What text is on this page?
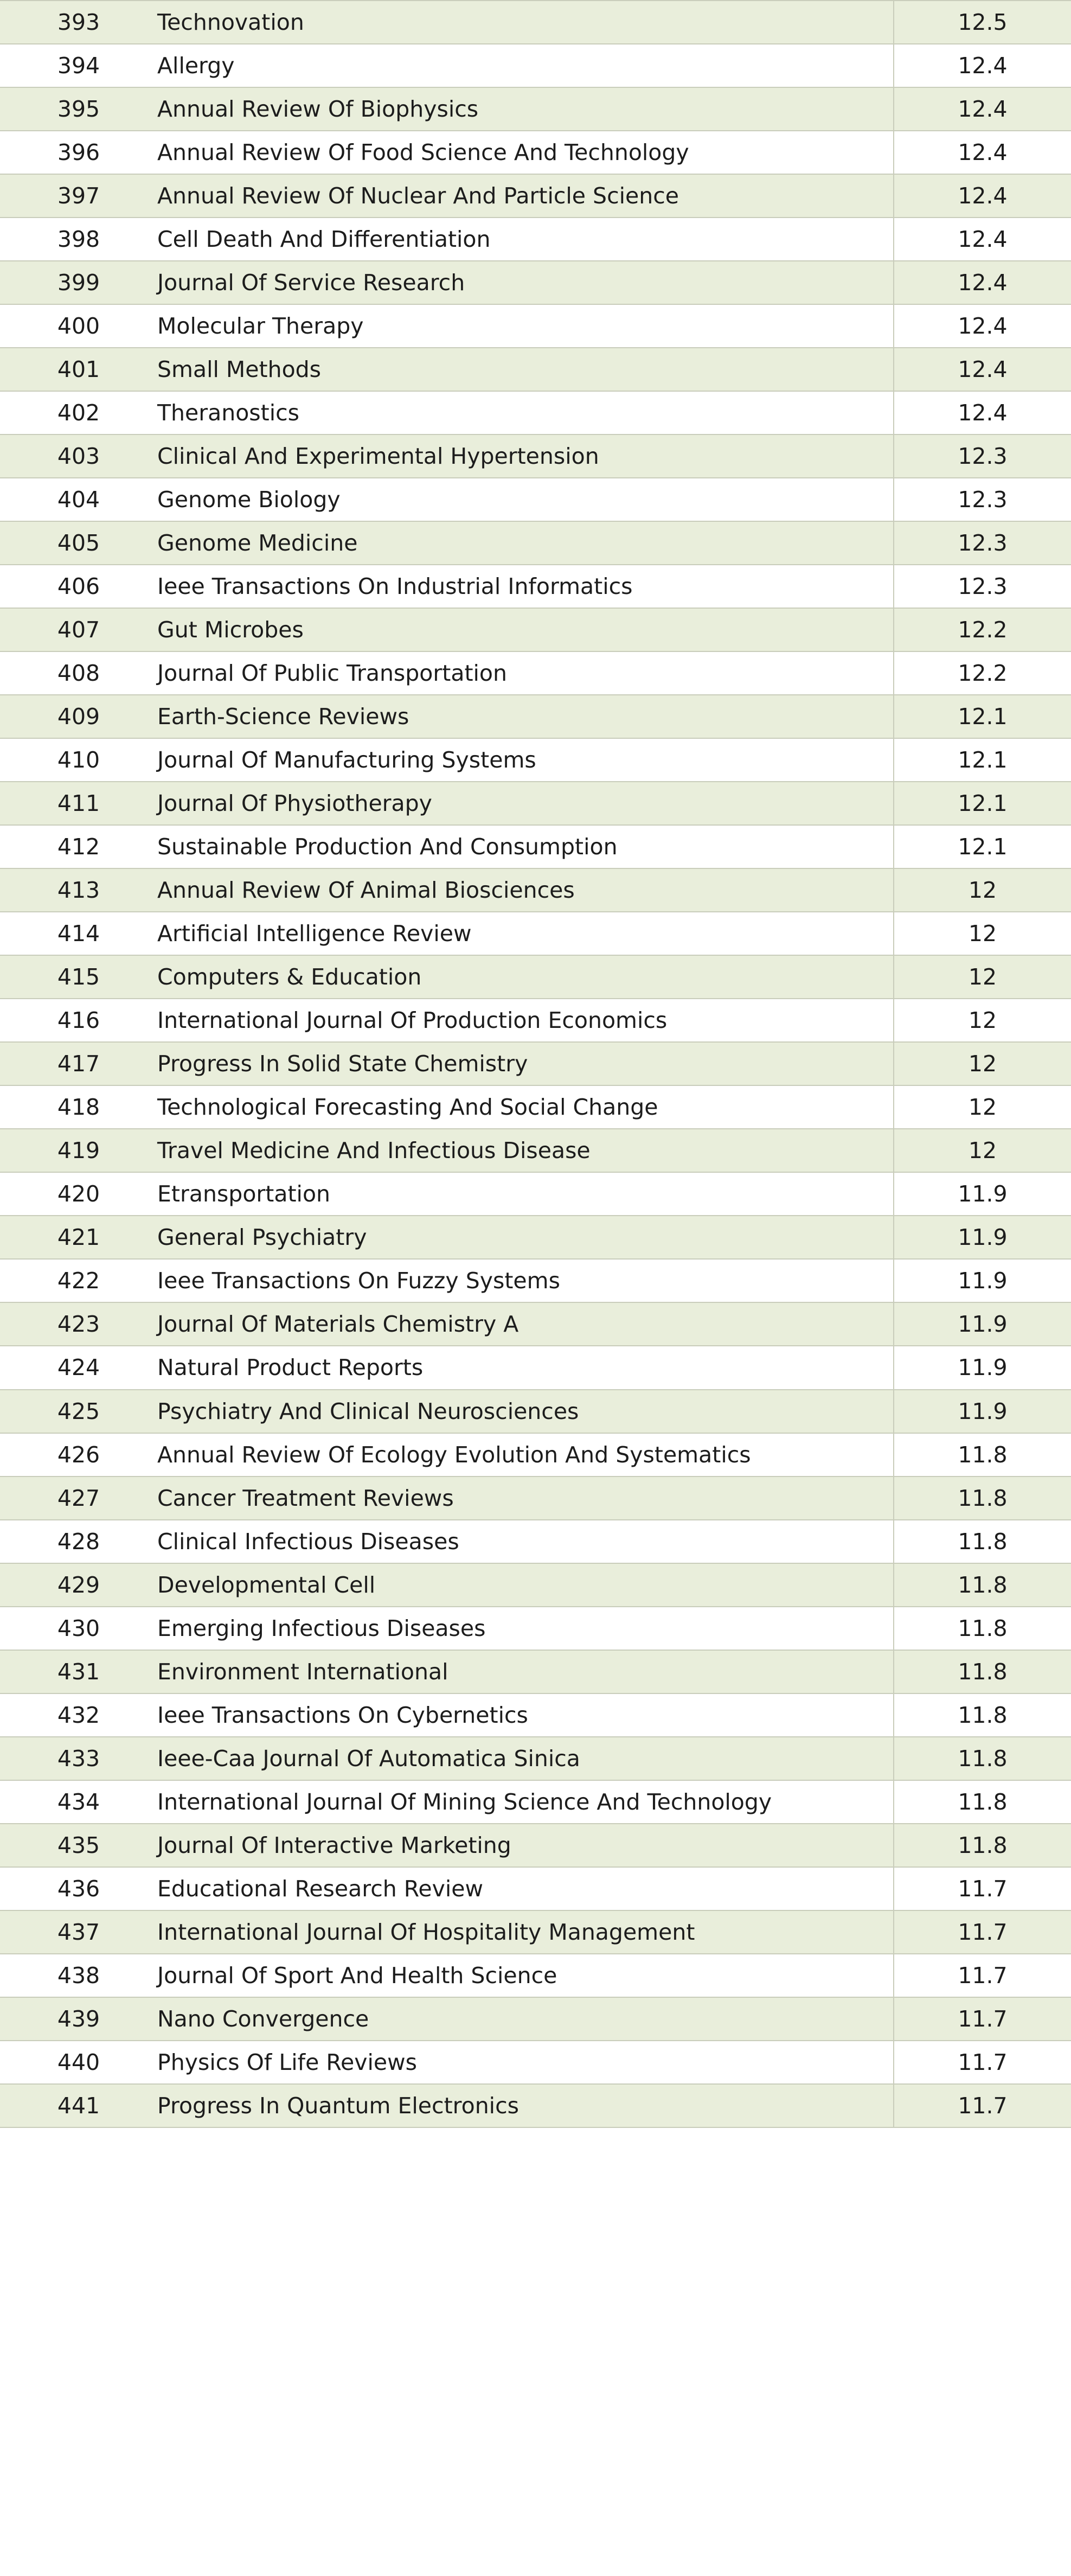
393	Technovation	12.5
394	Allergy	12.4
395	Annual Review Of Biophysics	12.4
396	Annual Review Of Food Science And Technology	12.4
397	Annual Review Of Nuclear And Particle Science	12.4
398	Cell Death And Differentiation	12.4
399	Journal Of Service Research	12.4
400	Molecular Therapy	12.4
401	Small Methods	12.4
402	Theranostics	12.4
403	Clinical And Experimental Hypertension	12.3
404	Genome Biology	12.3
405	Genome Medicine	12.3
406	Ieee Transactions On Industrial Informatics	12.3
407	Gut Microbes	12.2
408	Journal Of Public Transportation	12.2
409	Earth-Science Reviews	12.1
410	Journal Of Manufacturing Systems	12.1
411	Journal Of Physiotherapy	12.1
412	Sustainable Production And Consumption	12.1
413	Annual Review Of Animal Biosciences	12
414	Artificial Intelligence Review	12
415	Computers & Education	12
416	International Journal Of Production Economics	12
417	Progress In Solid State Chemistry	12
418	Technological Forecasting And Social Change	12
419	Travel Medicine And Infectious Disease	12
420	Etransportation	11.9
421	General Psychiatry	11.9
422	Ieee Transactions On Fuzzy Systems	11.9
423	Journal Of Materials Chemistry A	11.9
424	Natural Product Reports	11.9
425	Psychiatry And Clinical Neurosciences	11.9
426	Annual Review Of Ecology Evolution And Systematics	11.8
427	Cancer Treatment Reviews	11.8
428	Clinical Infectious Diseases	11.8
429	Developmental Cell	11.8
430	Emerging Infectious Diseases	11.8
431	Environment International	11.8
432	Ieee Transactions On Cybernetics	11.8
433	Ieee-Caa Journal Of Automatica Sinica	11.8
434	International Journal Of Mining Science And Technology	11.8
435	Journal Of Interactive Marketing	11.8
436	Educational Research Review	11.7
437	International Journal Of Hospitality Management	11.7
438	Journal Of Sport And Health Science	11.7
439	Nano Convergence	11.7
440	Physics Of Life Reviews	11.7
441	Progress In Quantum Electronics	11.7
